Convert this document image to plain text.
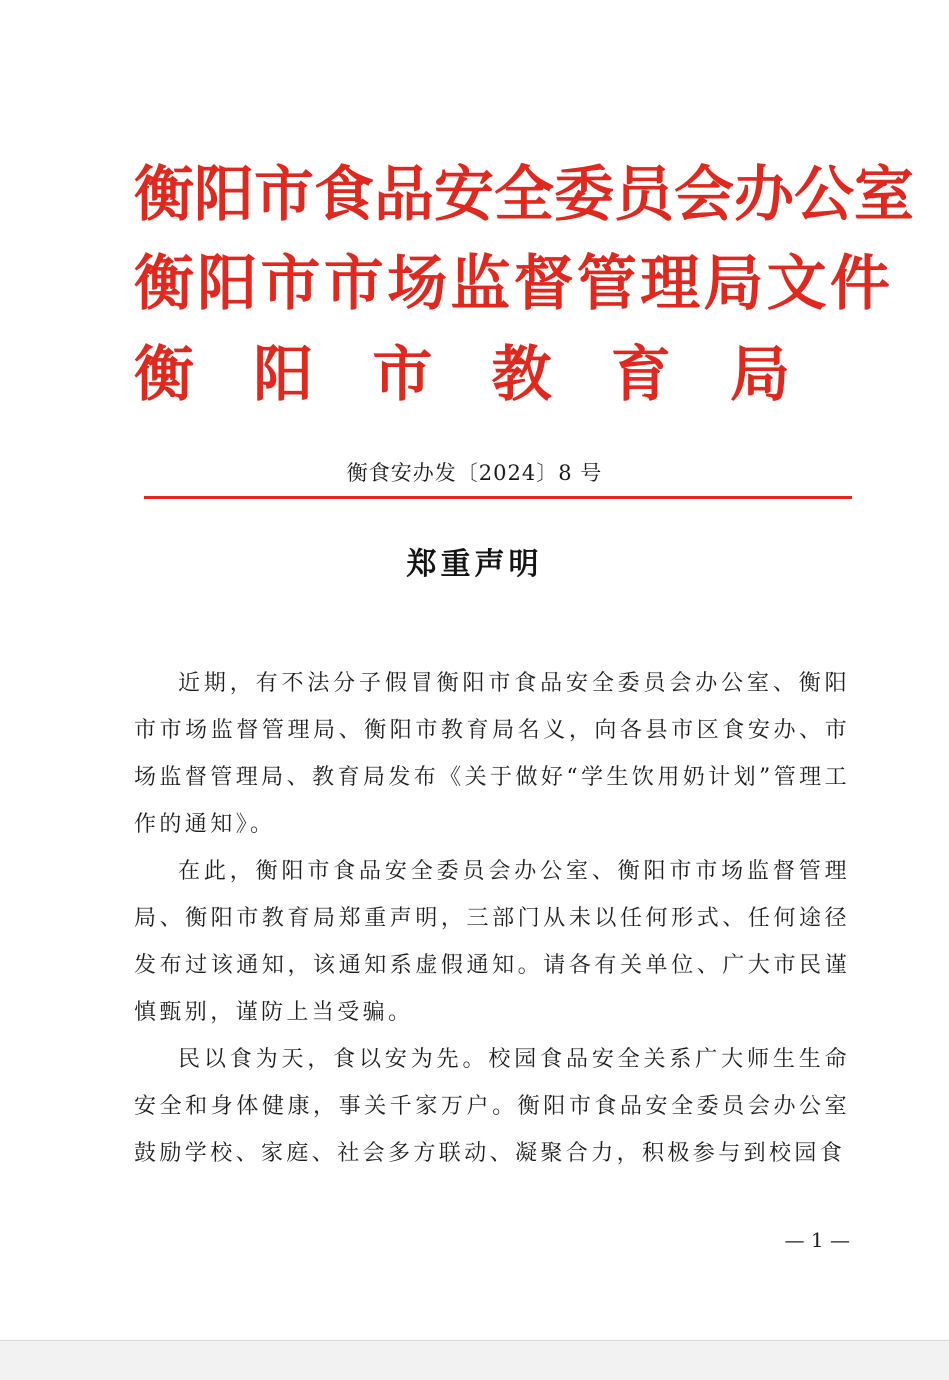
衡 阳 市 食 品 安 全 委 员 会 办 公 室
衡 阳 市 市 场 监 督 管 理 局 文 件
衡 阳 市 教 育 局
衡食安办发〔2024〕8 号
郑重声明

近期，有不法分子假冒衡阳市食品安全委员会办公室、衡阳市市场监督管理局、衡阳市教育局名义，向各县市区食安办、市场监督管理局、教育局发布《关于做好“学生饮用奶计划”管理工作的通知》。

在此，衡阳市食品安全委员会办公室、衡阳市市场监督管理局、衡阳市教育局郑重声明，三部门从未以任何形式、任何途径发布过该通知，该通知系虚假通知。请各有关单位、广大市民谨慎甄别，谨防上当受骗。

民以食为天，食以安为先。校园食品安全关系广大师生生命安全和身体健康，事关千家万户。衡阳市食品安全委员会办公室鼓励学校、家庭、社会多方联动、凝聚合力，积极参与到校园食

— 1 —
